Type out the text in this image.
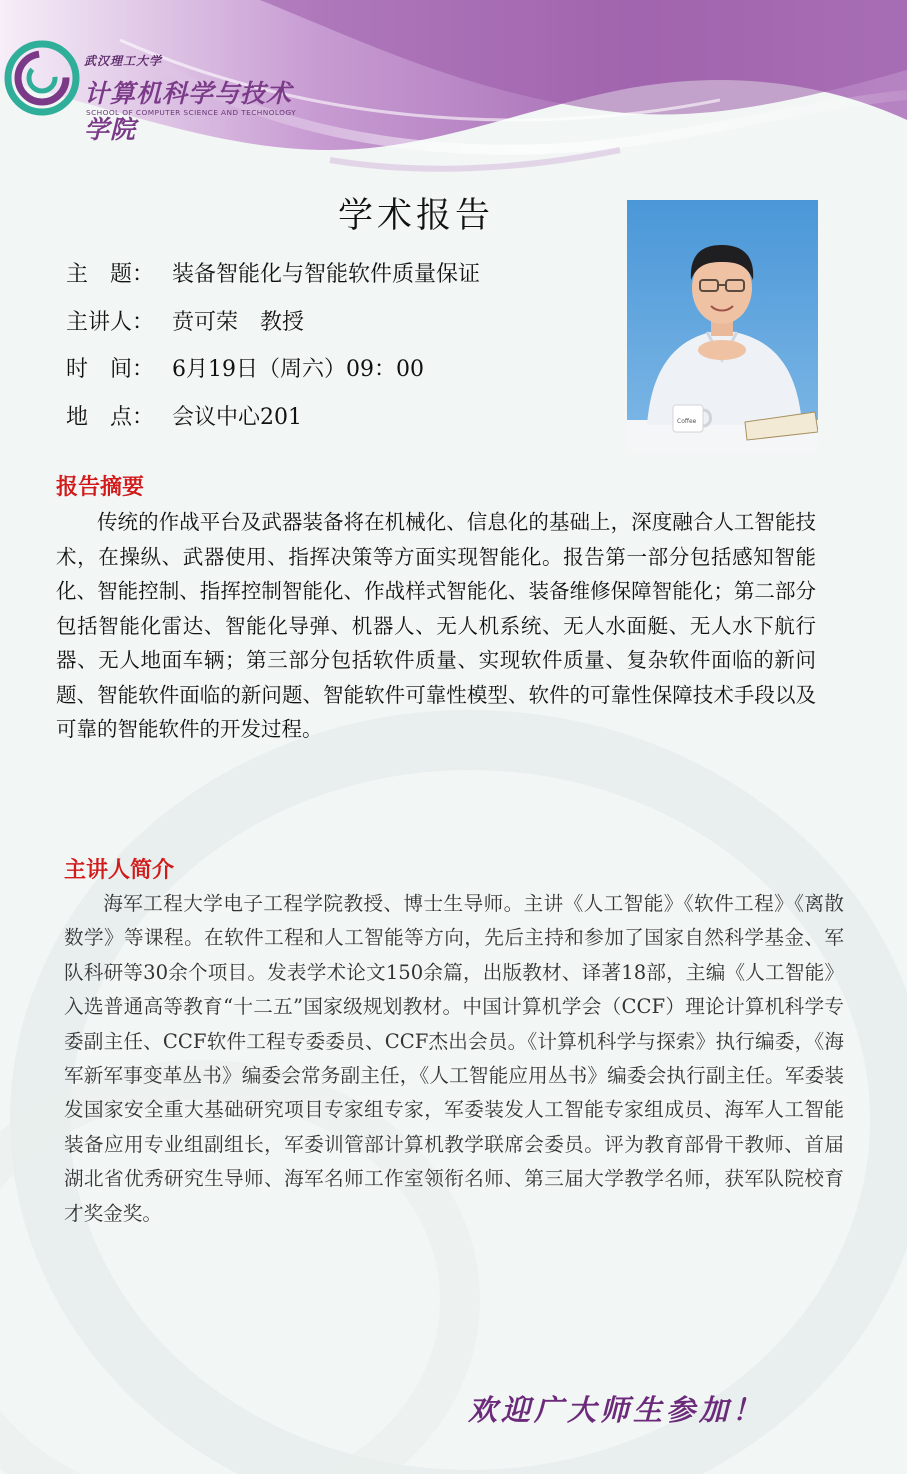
武汉理工大学
计算机科学与技术学院
SCHOOL OF COMPUTER SCIENCE AND TECHNOLOGY
学术报告
主　题： 装备智能化与智能软件质量保证
主讲人： 贲可荣　教授
时　间： 6月19日（周六）09：00
地　点： 会议中心201	Coffee
报告摘要

传统的作战平台及武器装备将在机械化、信息化的基础上，深度融合人工智能技术，在操纵、武器使用、指挥决策等方面实现智能化。报告第一部分包括感知智能化、智能控制、指挥控制智能化、作战样式智能化、装备维修保障智能化；第二部分包括智能化雷达、智能化导弹、机器人、无人机系统、无人水面艇、无人水下航行器、无人地面车辆；第三部分包括软件质量、实现软件质量、复杂软件面临的新问题、智能软件面临的新问题、智能软件可靠性模型、软件的可靠性保障技术手段以及可靠的智能软件的开发过程。

主讲人简介

海军工程大学电子工程学院教授、博士生导师。主讲《人工智能》《软件工程》《离散数学》等课程。在软件工程和人工智能等方向，先后主持和参加了国家自然科学基金、军队科研等30余个项目。发表学术论文150余篇，出版教材、译著18部，主编《人工智能》入选普通高等教育“十二五”国家级规划教材。中国计算机学会（CCF）理论计算机科学专委副主任、CCF软件工程专委委员、CCF杰出会员。《计算机科学与探索》执行编委，《海军新军事变革丛书》编委会常务副主任，《人工智能应用丛书》编委会执行副主任。军委装发国家安全重大基础研究项目专家组专家，军委装发人工智能专家组成员、海军人工智能装备应用专业组副组长，军委训管部计算机教学联席会委员。评为教育部骨干教师、首届湖北省优秀研究生导师、海军名师工作室领衔名师、第三届大学教学名师，获军队院校育才奖金奖。

欢迎广大师生参加！
